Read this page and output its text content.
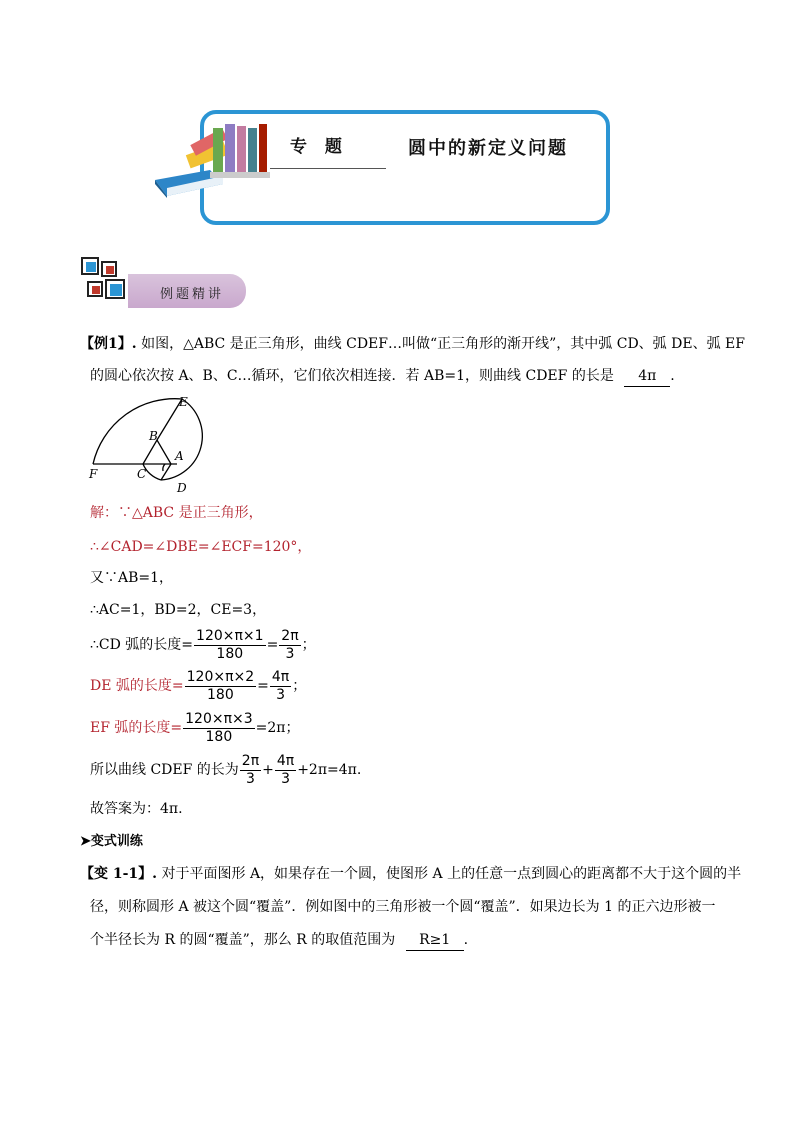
专 题	圆中的新定义问题
例题精讲
【例1】. 如图，△ABC 是正三角形，曲线 CDEF…叫做“正三角形的渐开线”，其中弧 CD、弧 DE、弧 EF
的圆心依次按 A、B、C…循环，它们依次相连接．若 AB=1，则曲线 CDEF 的长是 4π .
E
B
A
F	C
D
解：∵△ABC 是正三角形，
∴∠CAD=∠DBE=∠ECF=120°，
又∵AB=1，
∴AC=1，BD=2，CE=3，
∴CD 弧的长度= $\frac{120\times\pi\times 1}{180} = \frac{2\pi}{3}$ ；
DE 弧的长度= $\frac{120\times\pi\times 2}{180} = \frac{4\pi}{3}$ ；
EF 弧的长度= $\frac{120\times\pi\times 3}{180} =2\pi$；
所以曲线 CDEF 的长为 $\frac{2\pi}{3} + \frac{4\pi}{3} +2\pi=4\pi$.
故答案为：4π.
➤变式训练
【变 1-1】. 对于平面图形 A，如果存在一个圆，使图形 A 上的任意一点到圆心的距离都不大于这个圆的半
径，则称圆形 A 被这个圆“覆盖”．例如图中的三角形被一个圆“覆盖”．如果边长为 1 的正六边形被一
个半径长为 R 的圆“覆盖”，那么 R 的取值范围为 R≥1 .
